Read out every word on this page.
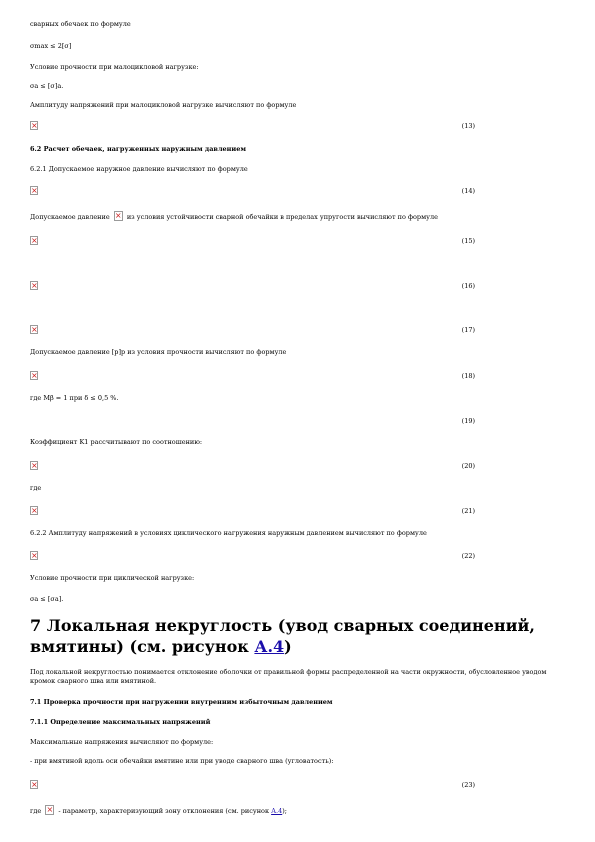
сварных обечаек по формуле
σmax ≤ 2[σ]
Условие прочности при малоцикловой нагрузке:
σa ≤ [σ]a.
Амплитуду напряжений при малоцикловой нагрузке вычисляют по формуле
×
(13)
6.2 Расчет обечаек, нагруженных наружным давлением
6.2.1 Допускаемое наружное давление вычисляют по формуле
×
(14)
Допускаемое давление ×	из условия устойчивости сварной обечайки в пределах упругости вычисляют по формуле
×
(15)
×
(16)
×
(17)
Допускаемое давление [p]p из условия прочности вычисляют по формуле
×
(18)
где Mβ = 1 при δ ≤ 0,5 %.
(19)
Коэффициент K1 рассчитывают по соотношению:
×
(20)
где
×
(21)
6.2.2 Амплитуду напряжений в условиях циклического нагружения наружным давлением вычисляют по формуле
×
(22)
Условие прочности при циклической нагрузке:
σa ≤ [σa].
7 Локальная некруглость (увод сварных соединений, вмятины) (см. рисунок А.4)
Под локальной некруглостью понимается отклонение оболочки от правильной формы распределенной на части окружности, обусловленное уводом кромок сварного шва или вмятиной.
7.1 Проверка прочности при нагружении внутренним избыточным давлением
7.1.1 Определение максимальных напряжений
Максимальные напряжения вычисляют по формуле:
- при вмятиной вдоль оси обечайки вмятине или при уводе сварного шва (угловатость):
×
(23)
где ×	- параметр, характеризующий зону отклонения (см. рисунок А.4);
